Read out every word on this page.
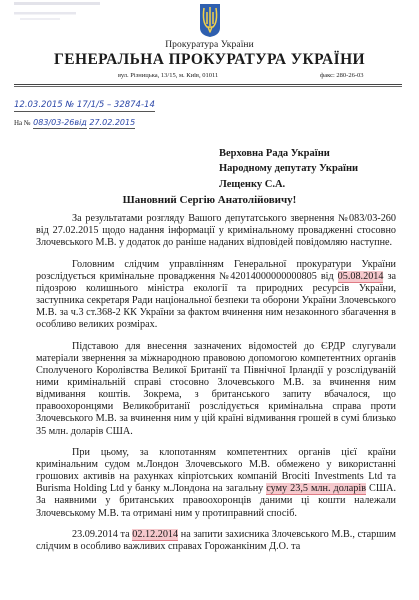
Прокуратура України
ГЕНЕРАЛЬНА ПРОКУРАТУРА УКРАЇНИ
вул. Різницька, 13/15, м. Київ, 01011	факс: 280-26-03
12.03.2015 № 17/1/5 – 32874-14
На № 083/03-26від 27.02.2015
Верховна Рада України
Народному депутату України
Лещенку С.А.
Шановний Сергію Анатолійовичу!

За результатами розгляду Вашого депутатського звернення №083/03-260 від 27.02.2015 щодо надання інформації у кримінальному провадженні стосовно Злочевського М.В. у додаток до раніше наданих відповідей повідомляю наступне.

Головним слідчим управлінням Генеральної прокуратури України розслідується кримінальне провадження №42014000000000805 від 05.08.2014 за підозрою колишнього міністра екології та природних ресурсів України, заступника секретаря Ради національної безпеки та оборони України Злочевського М.В. за ч.3 ст.368-2 КК України за фактом вчинення ним незаконного збагачення в особливо великих розмірах.

Підставою для внесення зазначених відомостей до ЄРДР слугували матеріали звернення за міжнародною правовою допомогою компетентних органів Сполученого Королівства Великої Британії та Північної Ірландії у розслідуваній ними кримінальній справі стосовно Злочевського М.В. за вчинення ним відмивання коштів. Зокрема, з британського запиту вбачалося, що правоохоронцями Великобританії розслідується кримінальна справа проти Злочевського М.В. за вчинення ним у цій країні відмивання грошей в сумі близько 35 млн. доларів США.

При цьому, за клопотанням компетентних органів цієї країни кримінальним судом м.Лондон Злочевського М.В. обмежено у використанні грошових активів на рахунках кіпріотських компаній Brociti Investments Ltd та Burisma Holding Ltd у банку м.Лондона на загальну суму 23,5 млн. доларів США. За наявними у британських правоохоронців даними ці кошти належали Злочевському М.В. та отримані ним у протиправний спосіб.

23.09.2014 та 02.12.2014 на запити захисника Злочевського М.В., старшим слідчим в особливо важливих справах Горожанкіним Д.О. та
